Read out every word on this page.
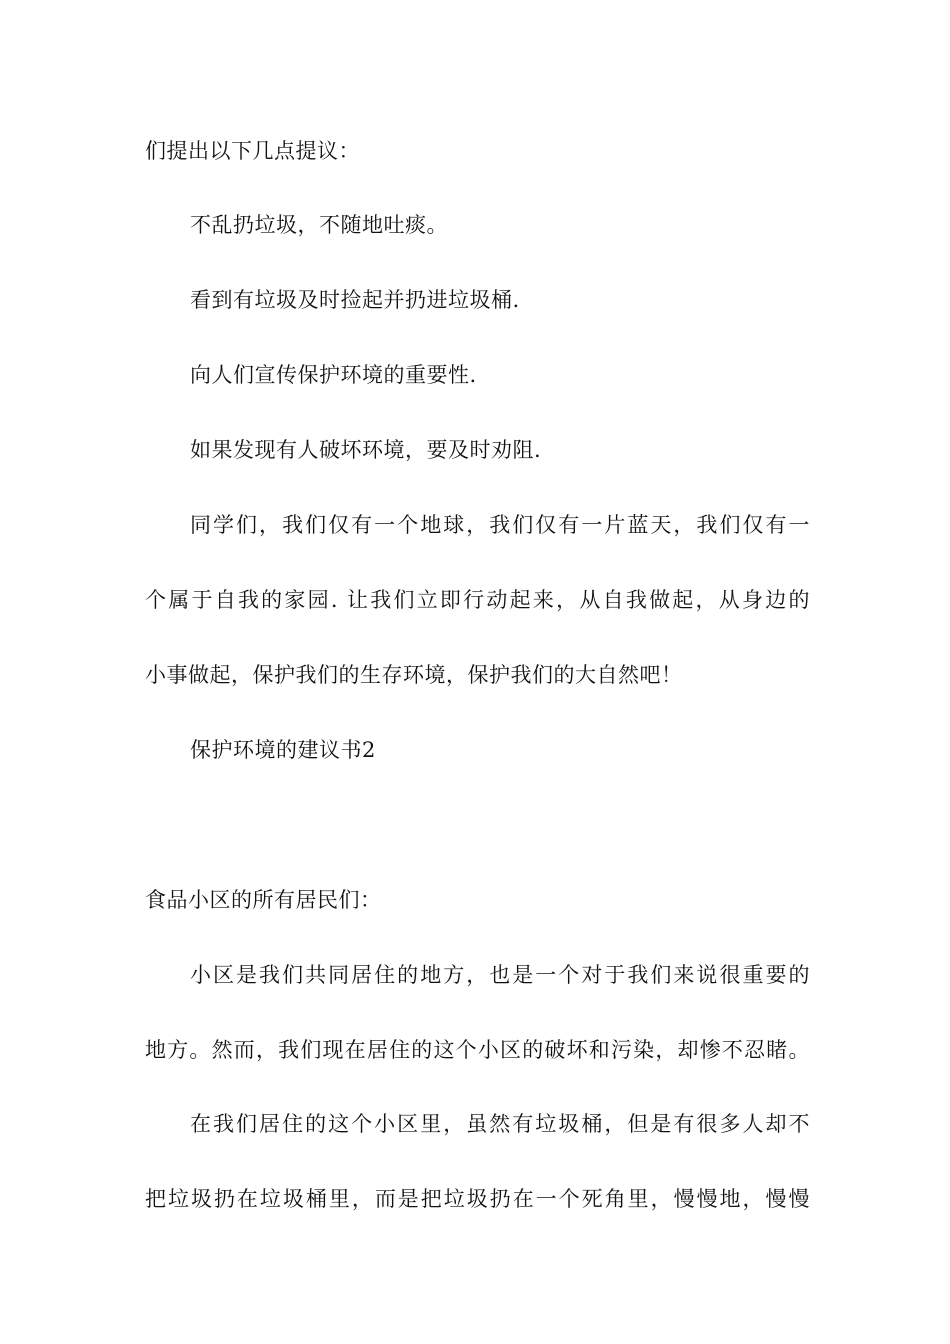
们提出以下几点提议：
不乱扔垃圾，不随地吐痰。
看到有垃圾及时捡起并扔进垃圾桶.
向人们宣传保护环境的重要性.
如果发现有人破坏环境，要及时劝阻.
同学们，我们仅有一个地球，我们仅有一片蓝天，我们仅有一
个属于自我的家园. 让我们立即行动起来，从自我做起，从身边的
小事做起，保护我们的生存环境，保护我们的大自然吧！
保护环境的建议书2
食品小区的所有居民们：
小区是我们共同居住的地方，也是一个对于我们来说很重要的
地方。然而，我们现在居住的这个小区的破坏和污染，却惨不忍睹。
在我们居住的这个小区里，虽然有垃圾桶，但是有很多人却不
把垃圾扔在垃圾桶里，而是把垃圾扔在一个死角里，慢慢地，慢慢
